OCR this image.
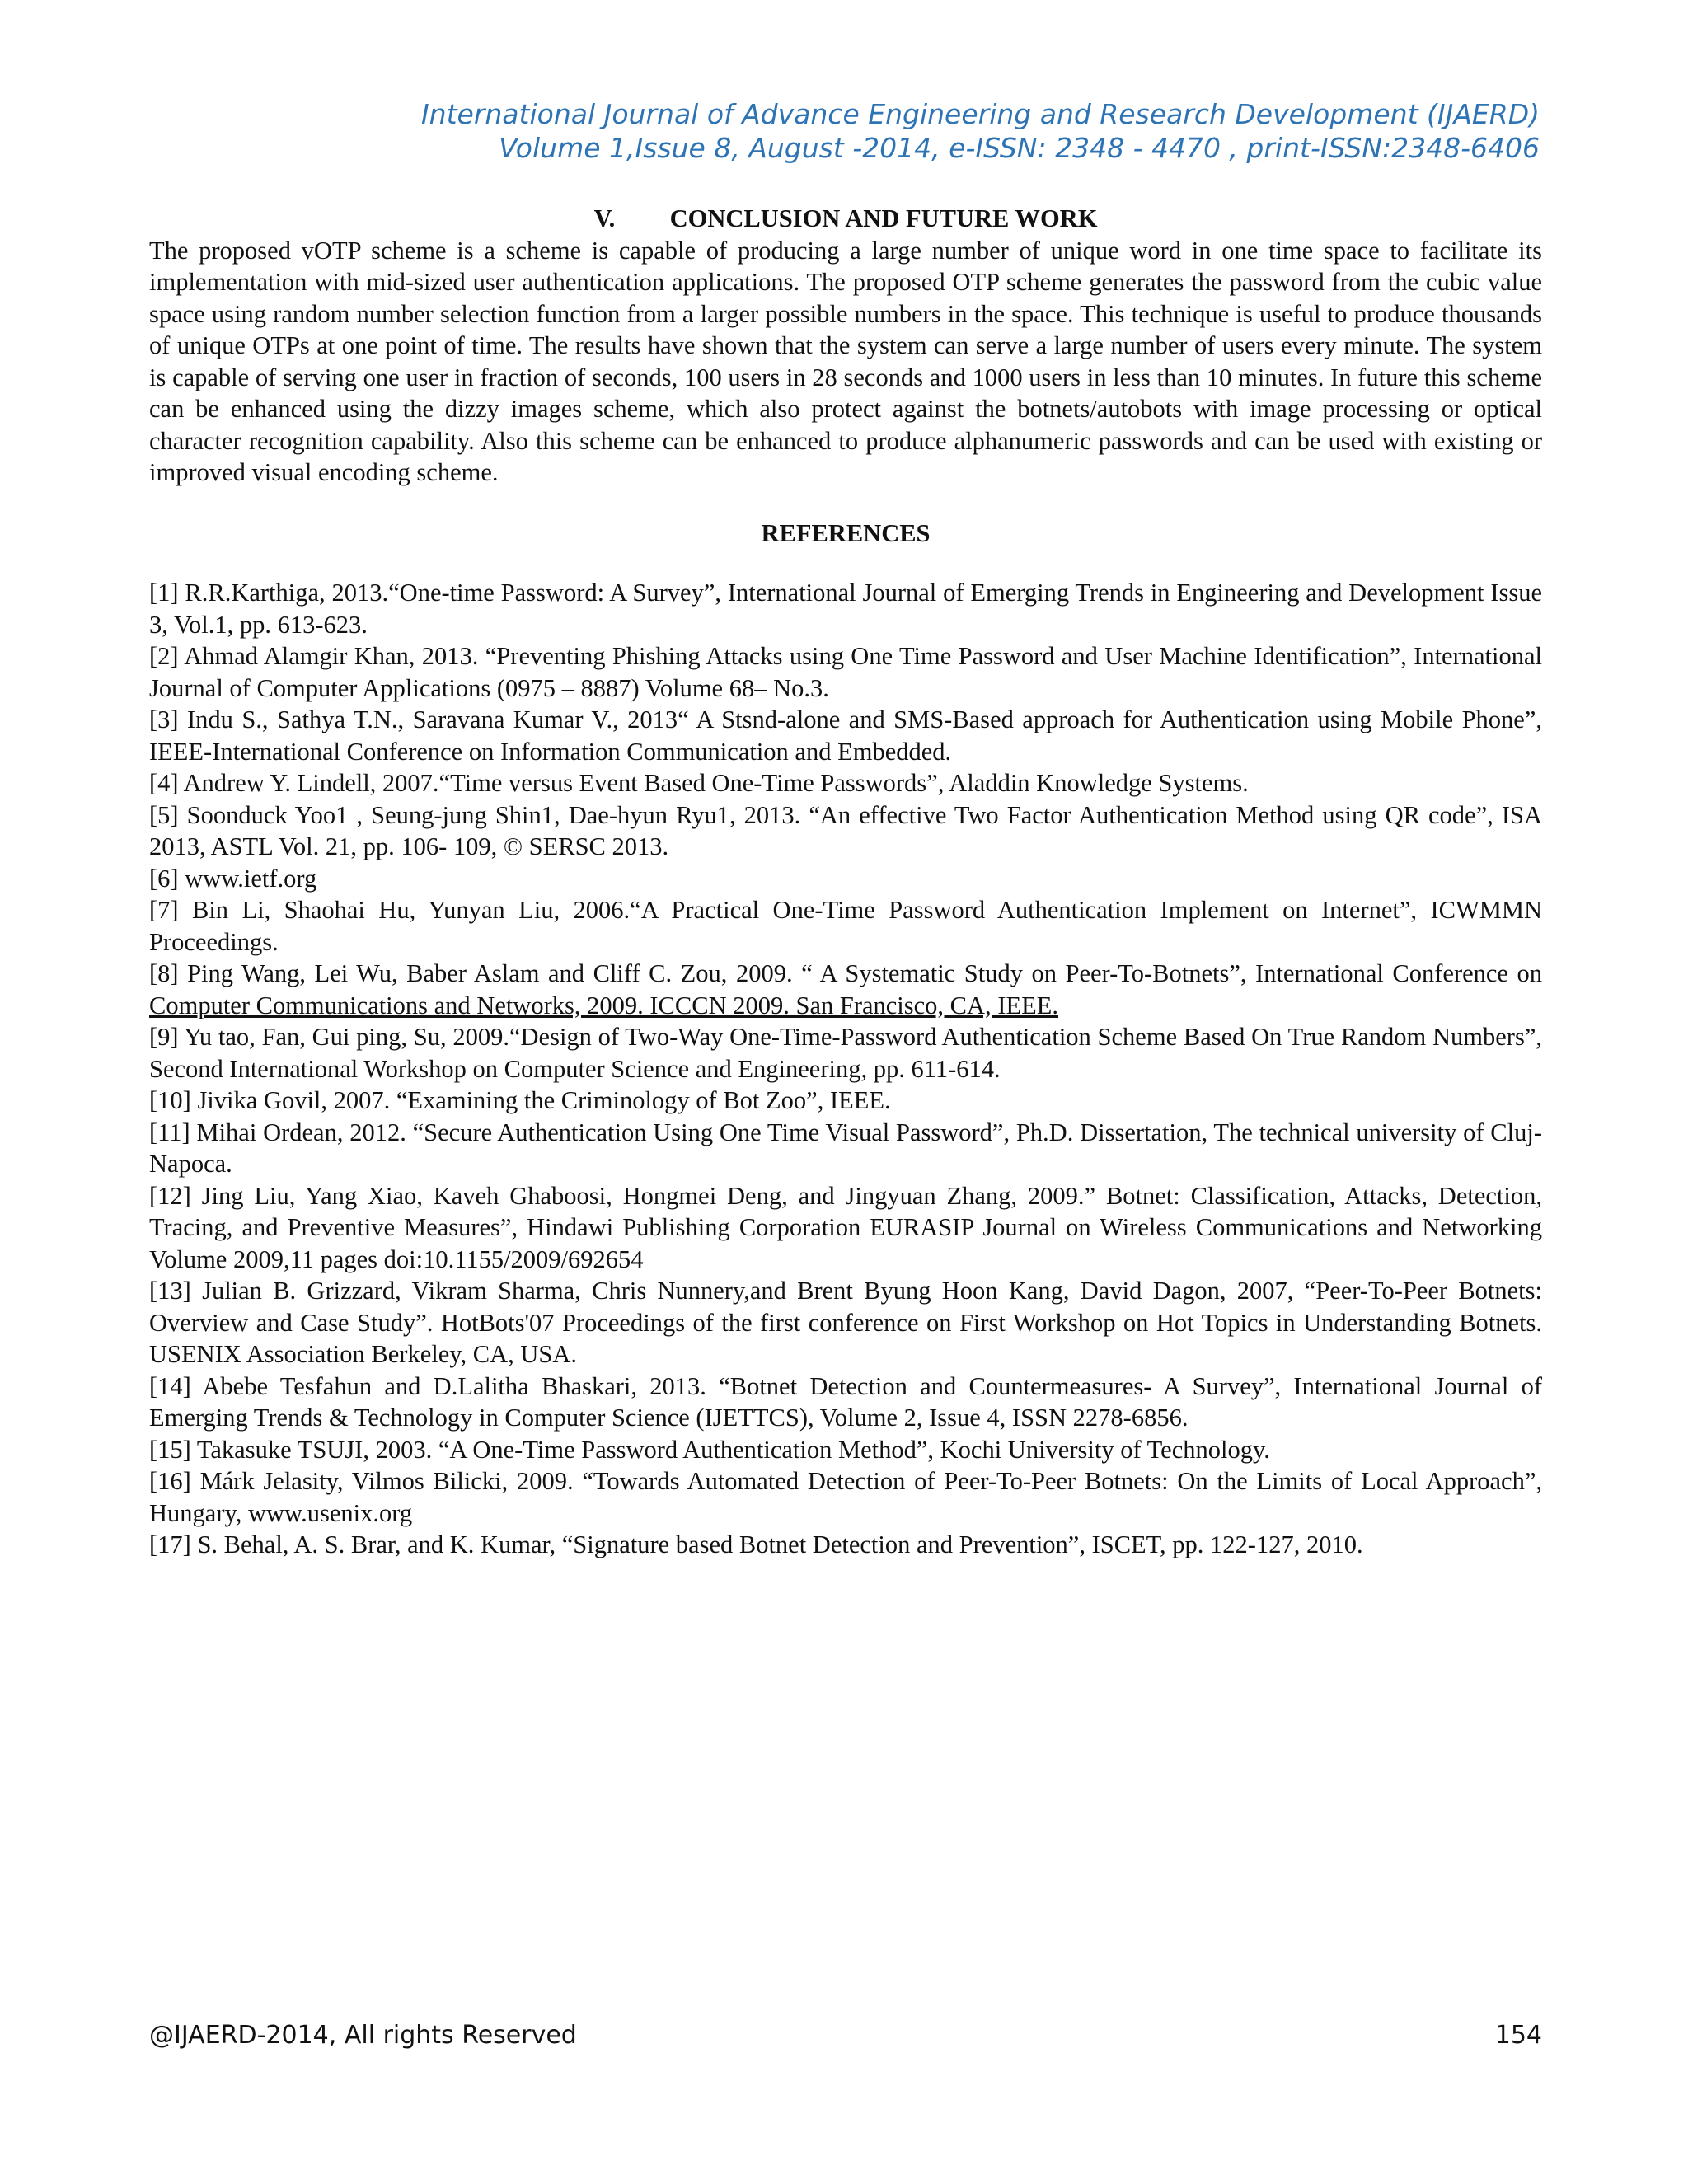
International Journal of Advance Engineering and Research Development (IJAERD)
Volume 1,Issue 8, August -2014, e-ISSN: 2348 - 4470 , print-ISSN:2348-6406
V. CONCLUSION AND FUTURE WORK

The proposed vOTP scheme is a scheme is capable of producing a large number of unique word in one time space to facilitate its implementation with mid-sized user authentication applications. The proposed OTP scheme generates the password from the cubic value space using random number selection function from a larger possible numbers in the space. This technique is useful to produce thousands of unique OTPs at one point of time. The results have shown that the system can serve a large number of users every minute. The system is capable of serving one user in fraction of seconds, 100 users in 28 seconds and 1000 users in less than 10 minutes. In future this scheme can be enhanced using the dizzy images scheme, which also protect against the botnets/autobots with image processing or optical character recognition capability. Also this scheme can be enhanced to produce alphanumeric passwords and can be used with existing or improved visual encoding scheme.

REFERENCES
[1] R.R.Karthiga, 2013.“One-time Password: A Survey”, International Journal of Emerging Trends in Engineering and Development Issue 3, Vol.1, pp. 613-623.
[2] Ahmad Alamgir Khan, 2013. “Preventing Phishing Attacks using One Time Password and User Machine Identification”, International Journal of Computer Applications (0975 – 8887) Volume 68– No.3.
[3] Indu S., Sathya T.N., Saravana Kumar V., 2013“ A Stsnd-alone and SMS-Based approach for Authentication using Mobile Phone”, IEEE-International Conference on Information Communication and Embedded.
[4] Andrew Y. Lindell, 2007.“Time versus Event Based One-Time Passwords”, Aladdin Knowledge Systems.
[5] Soonduck Yoo1 , Seung-jung Shin1, Dae-hyun Ryu1, 2013. “An effective Two Factor Authentication Method using QR code”, ISA 2013, ASTL Vol. 21, pp. 106- 109, © SERSC 2013.
[6] www.ietf.org
[7] Bin Li, Shaohai Hu, Yunyan Liu, 2006.“A Practical One-Time Password Authentication Implement on Internet”, ICWMMN Proceedings.
[8] Ping Wang, Lei Wu, Baber Aslam and Cliff C. Zou, 2009. “ A Systematic Study on Peer-To-Botnets”, International Conference on Computer Communications and Networks, 2009. ICCCN 2009. San Francisco, CA, IEEE.
[9] Yu tao, Fan, Gui ping, Su, 2009.“Design of Two-Way One-Time-Password Authentication Scheme Based On True Random Numbers”, Second International Workshop on Computer Science and Engineering, pp. 611-614.
[10] Jivika Govil, 2007. “Examining the Criminology of Bot Zoo”, IEEE.
[11] Mihai Ordean, 2012. “Secure Authentication Using One Time Visual Password”, Ph.D. Dissertation, The technical university of Cluj-Napoca.
[12] Jing Liu, Yang Xiao, Kaveh Ghaboosi, Hongmei Deng, and Jingyuan Zhang, 2009.” Botnet: Classification, Attacks, Detection, Tracing, and Preventive Measures”, Hindawi Publishing Corporation EURASIP Journal on Wireless Communications and Networking Volume 2009,11 pages doi:10.1155/2009/692654
[13] Julian B. Grizzard, Vikram Sharma, Chris Nunnery,and Brent Byung Hoon Kang, David Dagon, 2007, “Peer-To-Peer Botnets: Overview and Case Study”. HotBots'07 Proceedings of the first conference on First Workshop on Hot Topics in Understanding Botnets. USENIX Association Berkeley, CA, USA.
[14] Abebe Tesfahun and D.Lalitha Bhaskari, 2013. “Botnet Detection and Countermeasures- A Survey”, International Journal of Emerging Trends & Technology in Computer Science (IJETTCS), Volume 2, Issue 4, ISSN 2278-6856.
[15] Takasuke TSUJI, 2003. “A One-Time Password Authentication Method”, Kochi University of Technology.
[16] Márk Jelasity, Vilmos Bilicki, 2009. “Towards Automated Detection of Peer-To-Peer Botnets: On the Limits of Local Approach”, Hungary, www.usenix.org
[17] S. Behal, A. S. Brar, and K. Kumar, “Signature based Botnet Detection and Prevention”, ISCET, pp. 122-127, 2010.
@IJAERD-2014, All rights Reserved	154
